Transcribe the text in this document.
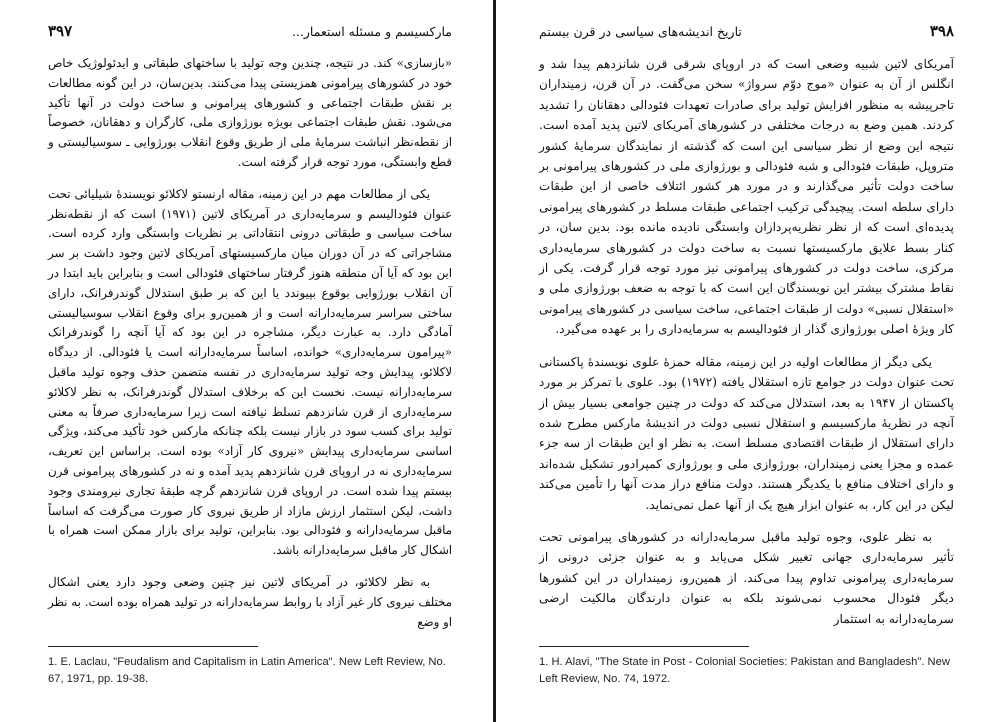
مارکسیسم و مسئله استعمار...
۳۹۷

«بازسازی» کند. در نتیجه، چندین وجه تولید با ساختهای طبقاتی و ایدئولوژیک خاص خود در کشورهای پیرامونی همزیستی پیدا می‌کنند. بدین‌سان، در این گونه مطالعات بر نقش طبقات اجتماعی و کشورهای پیرامونی و ساخت دولت در آنها تأکید می‌شود. نقش طبقات اجتماعی بویژه بورژوازی ملی، کارگران و دهقانان، خصوصاً از نقطه‌نظر انباشت سرمایهٔ ملی از طریق وقوع انقلاب بورژوایی ـ سوسیالیستی و قطع وابستگی، مورد توجه قرار گرفته است.

یکی از مطالعات مهم در این زمینه، مقاله ارنستو لاکلائو نویسندهٔ شیلیائی تحت عنوان فئودالیسم و سرمایه‌داری در آمریکای لاتین (۱۹۷۱) است که از نقطه‌نظر ساخت سیاسی و طبقاتی درونی انتقاداتی بر نظریات وابستگی وارد کرده است. مشاجراتی که در آن دوران میان مارکسیستهای آمریکای لاتین وجود داشت بر سر این بود که آیا آن منطقه هنوز گرفتار ساختهای فئودالی است و بنابراین باید ابتدا در آن انقلاب بورژوایی بوقوع بپیوندد یا این که بر طبق استدلال گوندرفرانک، دارای ساختی سراسر سرمایه‌دارانه است و از همین‌رو برای وقوع انقلاب سوسیالیستی آمادگی دارد. به عبارت دیگر، مشاجره در این بود که آیا آنچه را گوندرفرانک «پیرامون سرمایه‌داری» خوانده، اساساً سرمایه‌دارانه است یا فئودالی. از دیدگاه لاکلائو، پیدایش وجه تولید سرمایه‌داری در نفسه متضمن حذف وجوه تولید ماقبل سرمایه‌دارانه نیست. نخست این که برخلاف استدلال گوندرفرانک، به نظر لاکلائو سرمایه‌داری از قرن شانزدهم تسلط نیافته است زیرا سرمایه‌داری صرفاً به معنی تولید برای کسب سود در بازار نیست بلکه چنانکه مارکس خود تأکید می‌کند، ویژگی اساسی سرمایه‌داری پیدایش «نیروی کار آزاد» بوده است. براساس این تعریف، سرمایه‌داری نه در اروپای قرن شانزدهم پدید آمده و نه در کشورهای پیرامونی قرن بیستم پیدا شده است. در اروپای قرن شانزدهم گرچه طبقهٔ تجاری نیرومندی وجود داشت، لیکن استثمار ارزش مازاد از طریق نیروی کار صورت می‌گرفت که اساساً ماقبل سرمایه‌دارانه و فئودالی بود. بنابراین، تولید برای بازار ممکن است همراه با اشکال کار ماقبل سرمایه‌دارانه باشد.

به نظر لاکلائو، در آمریکای لاتین نیز چنین وضعی وجود دارد یعنی اشکال مختلف نیروی کار غیر آزاد با روابط سرمایه‌دارانه در تولید همراه بوده است. به نظر او وضع

1. E. Laclau, "Feudalism and Capitalism in Latin America". New Left Review, No. 67, 1971, pp. 19-38.
۳۹۸
تاریخ اندیشه‌های سیاسی در قرن بیستم

آمریکای لاتین شبیه وضعی است که در اروپای شرقی قرن شانزدهم پیدا شد و انگلس از آن به عنوان «موج دوّم سرواژ» سخن می‌گفت. در آن قرن، زمینداران تاجرپیشه به منظور افزایش تولید برای صادرات تعهدات فئودالی دهقانان را تشدید کردند. همین وضع به درجات مختلفی در کشورهای آمریکای لاتین پدید آمده است. نتیجه این وضع از نظر سیاسی این است که گذشته از نمایندگان سرمایهٔ کشور متروپل، طبقات فئودالی و شبه فئودالی و بورژوازی ملی در کشورهای پیرامونی بر ساخت دولت تأثیر می‌گذارند و در مورد هر کشور ائتلاف خاصی از این طبقات دارای سلطه است. پیچیدگی ترکیب اجتماعی طبقات مسلط در کشورهای پیرامونی پدیده‌ای است که از نظر نظریه‌پردازان وابستگی نادیده مانده بود. بدین سان، در کنار بسط علایق مارکسیستها نسبت به ساخت دولت در کشورهای سرمایه‌داری مرکزی، ساخت دولت در کشورهای پیرامونی نیز مورد توجه قرار گرفت. یکی از نقاط مشترک بیشتر این نویسندگان این است که با توجه به ضعف بورژوازی ملی و «استقلال نسبی» دولت از طبقات اجتماعی، ساخت سیاسی در کشورهای پیرامونی کار ویژهٔ اصلی بورژوازی گذار از فئودالیسم به سرمایه‌داری را بر عهده می‌گیرد.

یکی دیگر از مطالعات اولیه در این زمینه، مقاله حمزهٔ علوی نویسندهٔ پاکستانی تحت عنوان دولت در جوامع تازه استقلال یافته (۱۹۷۲) بود. علوی با تمرکز بر مورد پاکستان از ۱۹۴۷ به بعد، استدلال می‌کند که دولت در چنین جوامعی بسیار بیش از آنچه در نظریهٔ مارکسیسم و استقلال نسبی دولت در اندیشهٔ مارکس مطرح شده دارای استقلال از طبقات اقتصادی مسلط است. به نظر او این طبقات از سه جزء عمده و مجزا یعنی زمینداران، بورژوازی ملی و بورژوازی کمپرادور تشکیل شده‌اند و دارای اختلاف منافع با یکدیگر هستند. دولت منافع دراز مدت آنها را تأمین می‌کند لیکن در این کار، به عنوان ابزار هیچ یک از آنها عمل نمی‌نماید.

به نظر علوی، وجوه تولید ماقبل سرمایه‌دارانه در کشورهای پیرامونی تحت تأثیر سرمایه‌داری جهانی تغییر شکل می‌یابد و به عنوان جزئی درونی از سرمایه‌داری پیرامونی تداوم پیدا می‌کند. از همین‌رو، زمینداران در این کشورها دیگر فئودال محسوب نمی‌شوند بلکه به عنوان دارندگان مالکیت ارضی سرمایه‌دارانه به استثمار

1. H. Alavi, "The State in Post - Colonial Societies: Pakistan and Bangladesh". New Left Review, No. 74, 1972.
